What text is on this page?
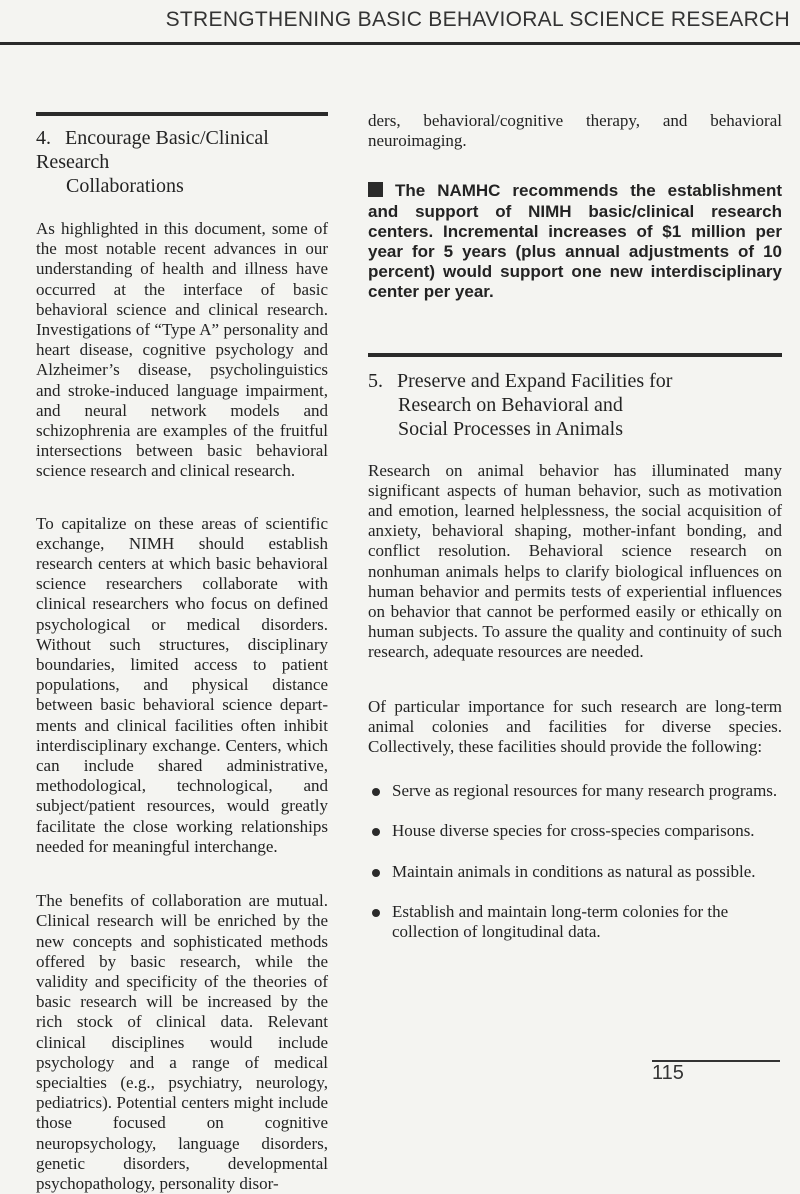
STRENGTHENING BASIC BEHAVIORAL SCIENCE RESEARCH
4. Encourage Basic/Clinical Research
Collaborations

As highlighted in this document, some of the most notable recent advances in our understanding of health and illness have occurred at the interface of basic behavioral science and clinical research. Investigations of “Type A” personality and heart disease, cognitive psychology and Alzheimer’s disease, psycholinguistics and stroke-induced language impairment, and neural network models and schizophrenia are examples of the fruitful intersections between basic behavioral science research and clinical research.

To capitalize on these areas of scientific exchange, NIMH should establish research centers at which basic behavioral science researchers collaborate with clinical researchers who focus on defined psychological or medical disorders. Without such structures, disciplinary boundaries, limited access to patient populations, and physical distance between basic behavioral science departments and clinical facilities often inhibit interdisciplinary exchange. Centers, which can include shared administrative, methodological, technological, and subject/patient resources, would greatly facilitate the close working relationships needed for meaningful interchange.

The benefits of collaboration are mutual. Clinical research will be enriched by the new concepts and sophisticated methods offered by basic research, while the validity and specificity of the theories of basic research will be increased by the rich stock of clinical data. Relevant clinical disciplines would include psychology and a range of medical specialties (e.g., psychiatry, neurology, pediatrics). Potential centers might include those focused on cognitive neuropsychology, language disorders, genetic disorders, developmental psychopathology, personality disor-

ders, behavioral/cognitive therapy, and behavioral neuroimaging.

The NAMHC recommends the establishment and support of NIMH basic/clinical research centers. Incremental increases of $1 million per year for 5 years (plus annual adjustments of 10 percent) would support one new interdisciplinary center per year.

5. Preserve and Expand Facilities for
Research on Behavioral and
Social Processes in Animals

Research on animal behavior has illuminated many significant aspects of human behavior, such as motivation and emotion, learned helplessness, the social acquisition of anxiety, behavioral shaping, mother-infant bonding, and conflict resolution. Behavioral science research on nonhuman animals helps to clarify biological influences on human behavior and permits tests of experiential influences on behavior that cannot be performed easily or ethically on human subjects. To assure the quality and continuity of such research, adequate resources are needed.

Of particular importance for such research are long-term animal colonies and facilities for diverse species. Collectively, these facilities should provide the following:

Serve as regional resources for many research programs.
House diverse species for cross-species comparisons.
Maintain animals in conditions as natural as possible.
Establish and maintain long-term colonies for the collection of longitudinal data.
115
